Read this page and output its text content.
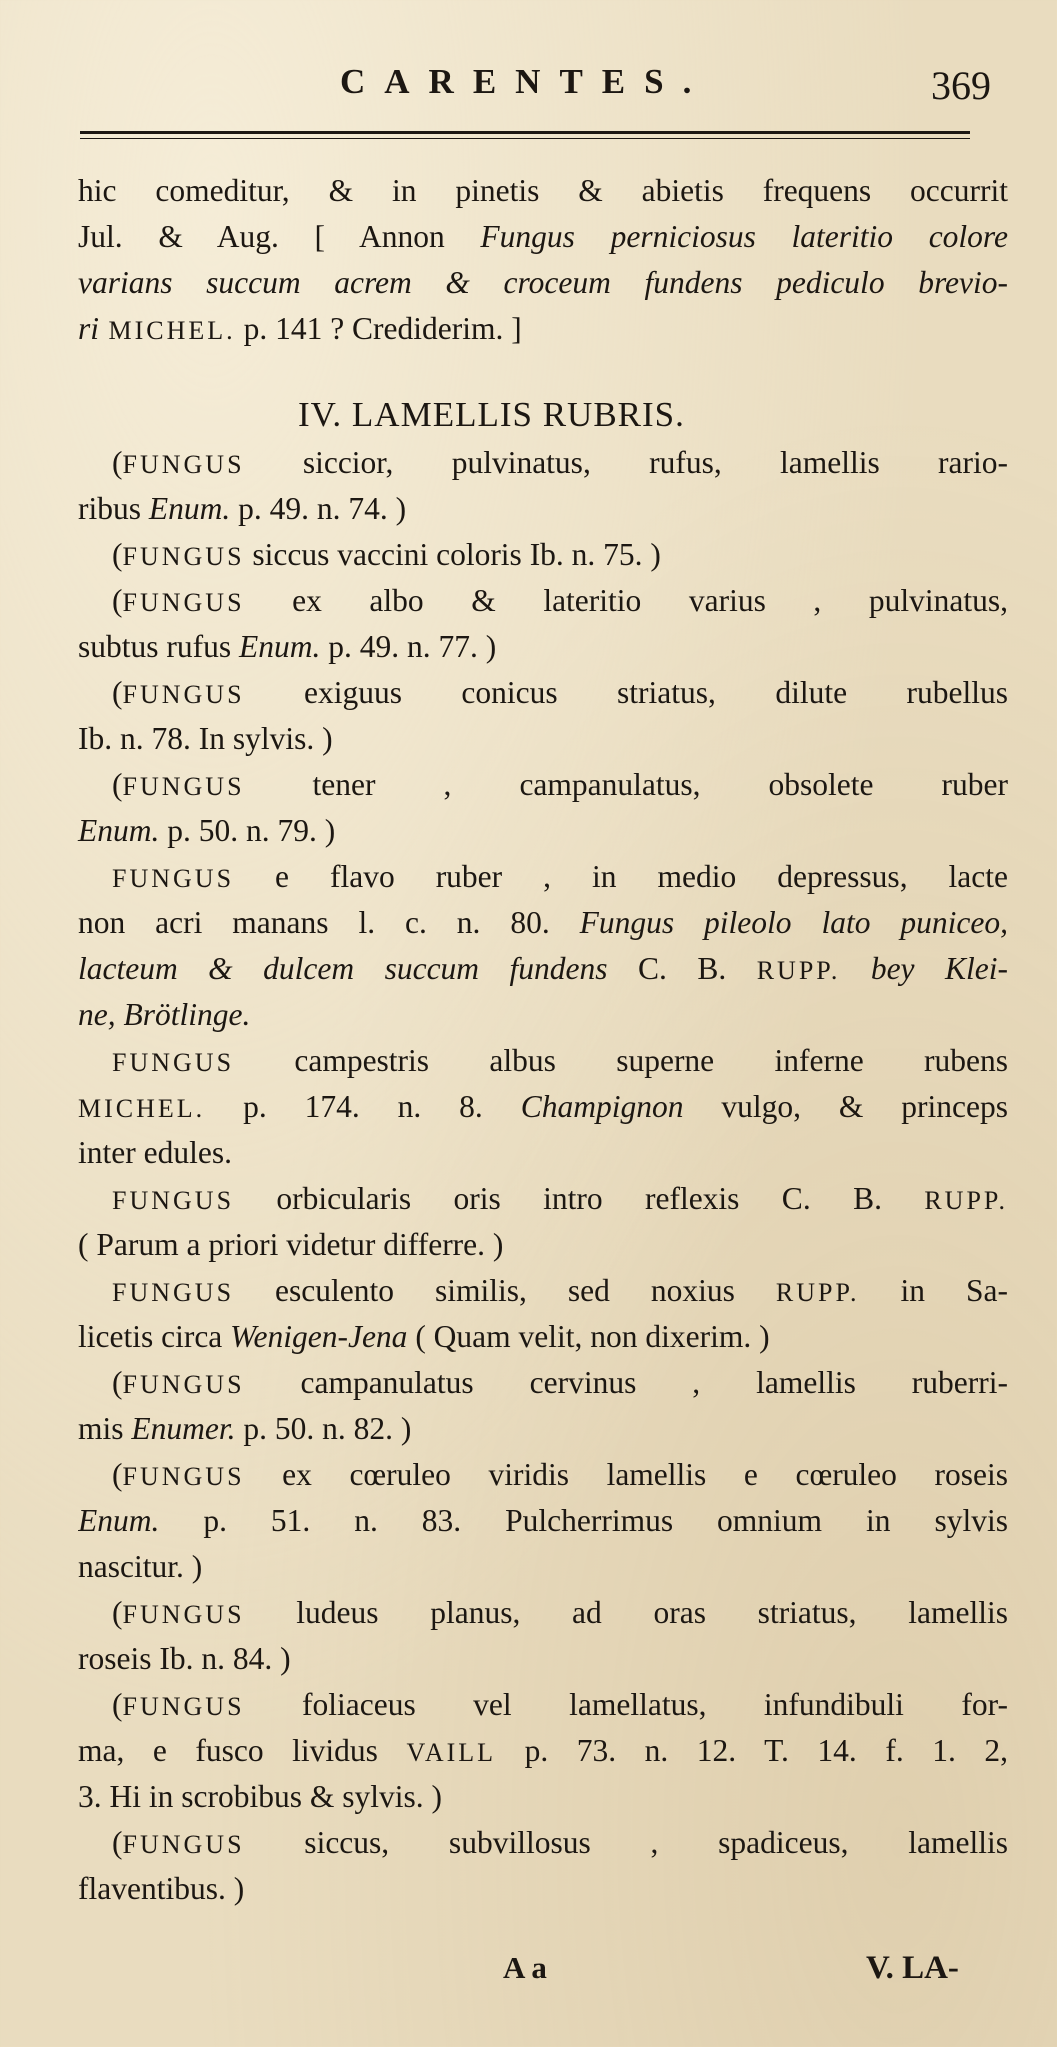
CARENTES.	369
hic comeditur, & in pinetis & abietis frequens occurrit
Jul. & Aug. [ Annon Fungus perniciosus lateritio colore
varians succum acrem & croceum fundens pediculo brevio-
ri MICHEL. p. 141 ? Crediderim. ]
IV. LAMELLIS RUBRIS.
(FUNGUS siccior, pulvinatus, rufus, lamellis rario-
ribus Enum. p. 49. n. 74. )
(FUNGUS siccus vaccini coloris Ib. n. 75. )
(FUNGUS ex albo & lateritio varius , pulvinatus,
subtus rufus Enum. p. 49. n. 77. )
(FUNGUS exiguus conicus striatus, dilute rubellus
Ib. n. 78. In sylvis. )
(FUNGUS tener , campanulatus, obsolete ruber
Enum. p. 50. n. 79. )
FUNGUS e flavo ruber , in medio depressus, lacte
non acri manans l. c. n. 80. Fungus pileolo lato puniceo,
lacteum & dulcem succum fundens C. B. RUPP. bey Klei-
ne, Brötlinge.
FUNGUS campestris albus superne inferne rubens
MICHEL. p. 174. n. 8. Champignon vulgo, & princeps
inter edules.
FUNGUS orbicularis oris intro reflexis C. B. RUPP.
( Parum a priori videtur differre. )
FUNGUS esculento similis, sed noxius RUPP. in Sa-
licetis circa Wenigen-Jena ( Quam velit, non dixerim. )
(FUNGUS campanulatus cervinus , lamellis ruberri-
mis Enumer. p. 50. n. 82. )
(FUNGUS ex cœruleo viridis lamellis e cœruleo roseis
Enum. p. 51. n. 83. Pulcherrimus omnium in sylvis
nascitur. )
(FUNGUS ludeus planus, ad oras striatus, lamellis
roseis Ib. n. 84. )
(FUNGUS foliaceus vel lamellatus, infundibuli for-
ma, e fusco lividus VAILL p. 73. n. 12. T. 14. f. 1. 2,
3. Hi in scrobibus & sylvis. )
(FUNGUS siccus, subvillosus , spadiceus, lamellis
flaventibus. )
A a	V. LA-
